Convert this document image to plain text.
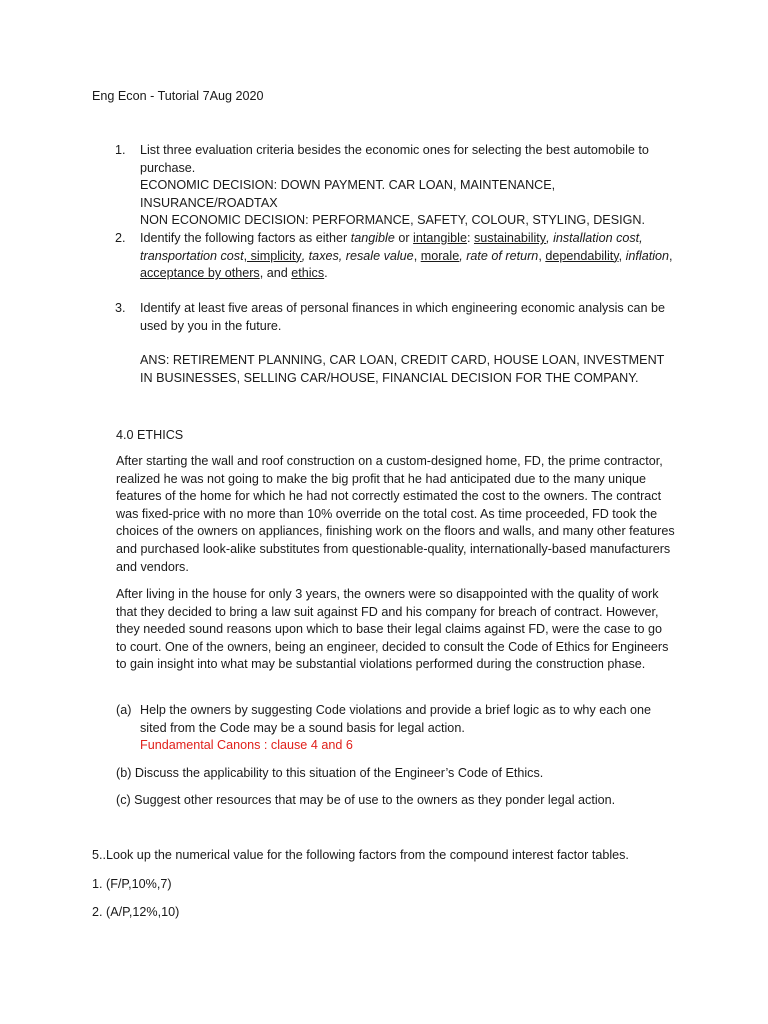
Eng Econ - Tutorial 7Aug 2020
1. List three evaluation criteria besides the economic ones for selecting the best automobile to purchase.
ECONOMIC DECISION: DOWN PAYMENT. CAR LOAN, MAINTENANCE, INSURANCE/ROADTAX
NON ECONOMIC DECISION: PERFORMANCE, SAFETY, COLOUR, STYLING, DESIGN.
2. Identify the following factors as either tangible or intangible: sustainability, installation cost, transportation cost, simplicity, taxes, resale value, morale, rate of return, dependability, inflation, acceptance by others, and ethics.
3. Identify at least five areas of personal finances in which engineering economic analysis can be used by you in the future.
ANS: RETIREMENT PLANNING, CAR LOAN, CREDIT CARD, HOUSE LOAN, INVESTMENT IN BUSINESSES, SELLING CAR/HOUSE, FINANCIAL DECISION FOR THE COMPANY.
4.0 ETHICS

After starting the wall and roof construction on a custom-designed home, FD, the prime contractor, realized he was not going to make the big profit that he had anticipated due to the many unique features of the home for which he had not correctly estimated the cost to the owners. The contract was fixed-price with no more than 10% override on the total cost. As time proceeded, FD took the choices of the owners on appliances, finishing work on the floors and walls, and many other features and purchased look-alike substitutes from questionable-quality, internationally-based manufacturers and vendors.

After living in the house for only 3 years, the owners were so disappointed with the quality of work that they decided to bring a law suit against FD and his company for breach of contract. However, they needed sound reasons upon which to base their legal claims against FD, were the case to go to court. One of the owners, being an engineer, decided to consult the Code of Ethics for Engineers to gain insight into what may be substantial violations performed during the construction phase.

(a) Help the owners by suggesting Code violations and provide a brief logic as to why each one sited from the Code may be a sound basis for legal action.
Fundamental Canons : clause 4 and 6
(b) Discuss the applicability to this situation of the Engineer’s Code of Ethics.
(c) Suggest other resources that may be of use to the owners as they ponder legal action.
5..Look up the numerical value for the following factors from the compound interest factor tables.
1. (F/P,10%,7)
2. (A/P,12%,10)
